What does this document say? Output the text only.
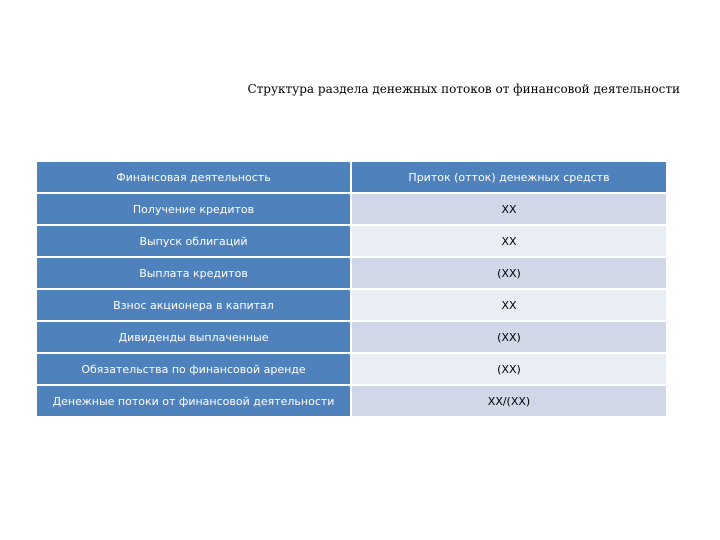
Структура раздела денежных потоков от финансовой деятельности
Финансовая деятельность	Приток (отток) денежных средств
Получение кредитов	XX
Выпуск облигаций	XX
Выплата кредитов	(XX)
Взнос акционера в капитал	XX
Дивиденды выплаченные	(XX)
Обязательства по финансовой аренде	(XX)
Денежные потоки от финансовой деятельности	XX/(XX)
